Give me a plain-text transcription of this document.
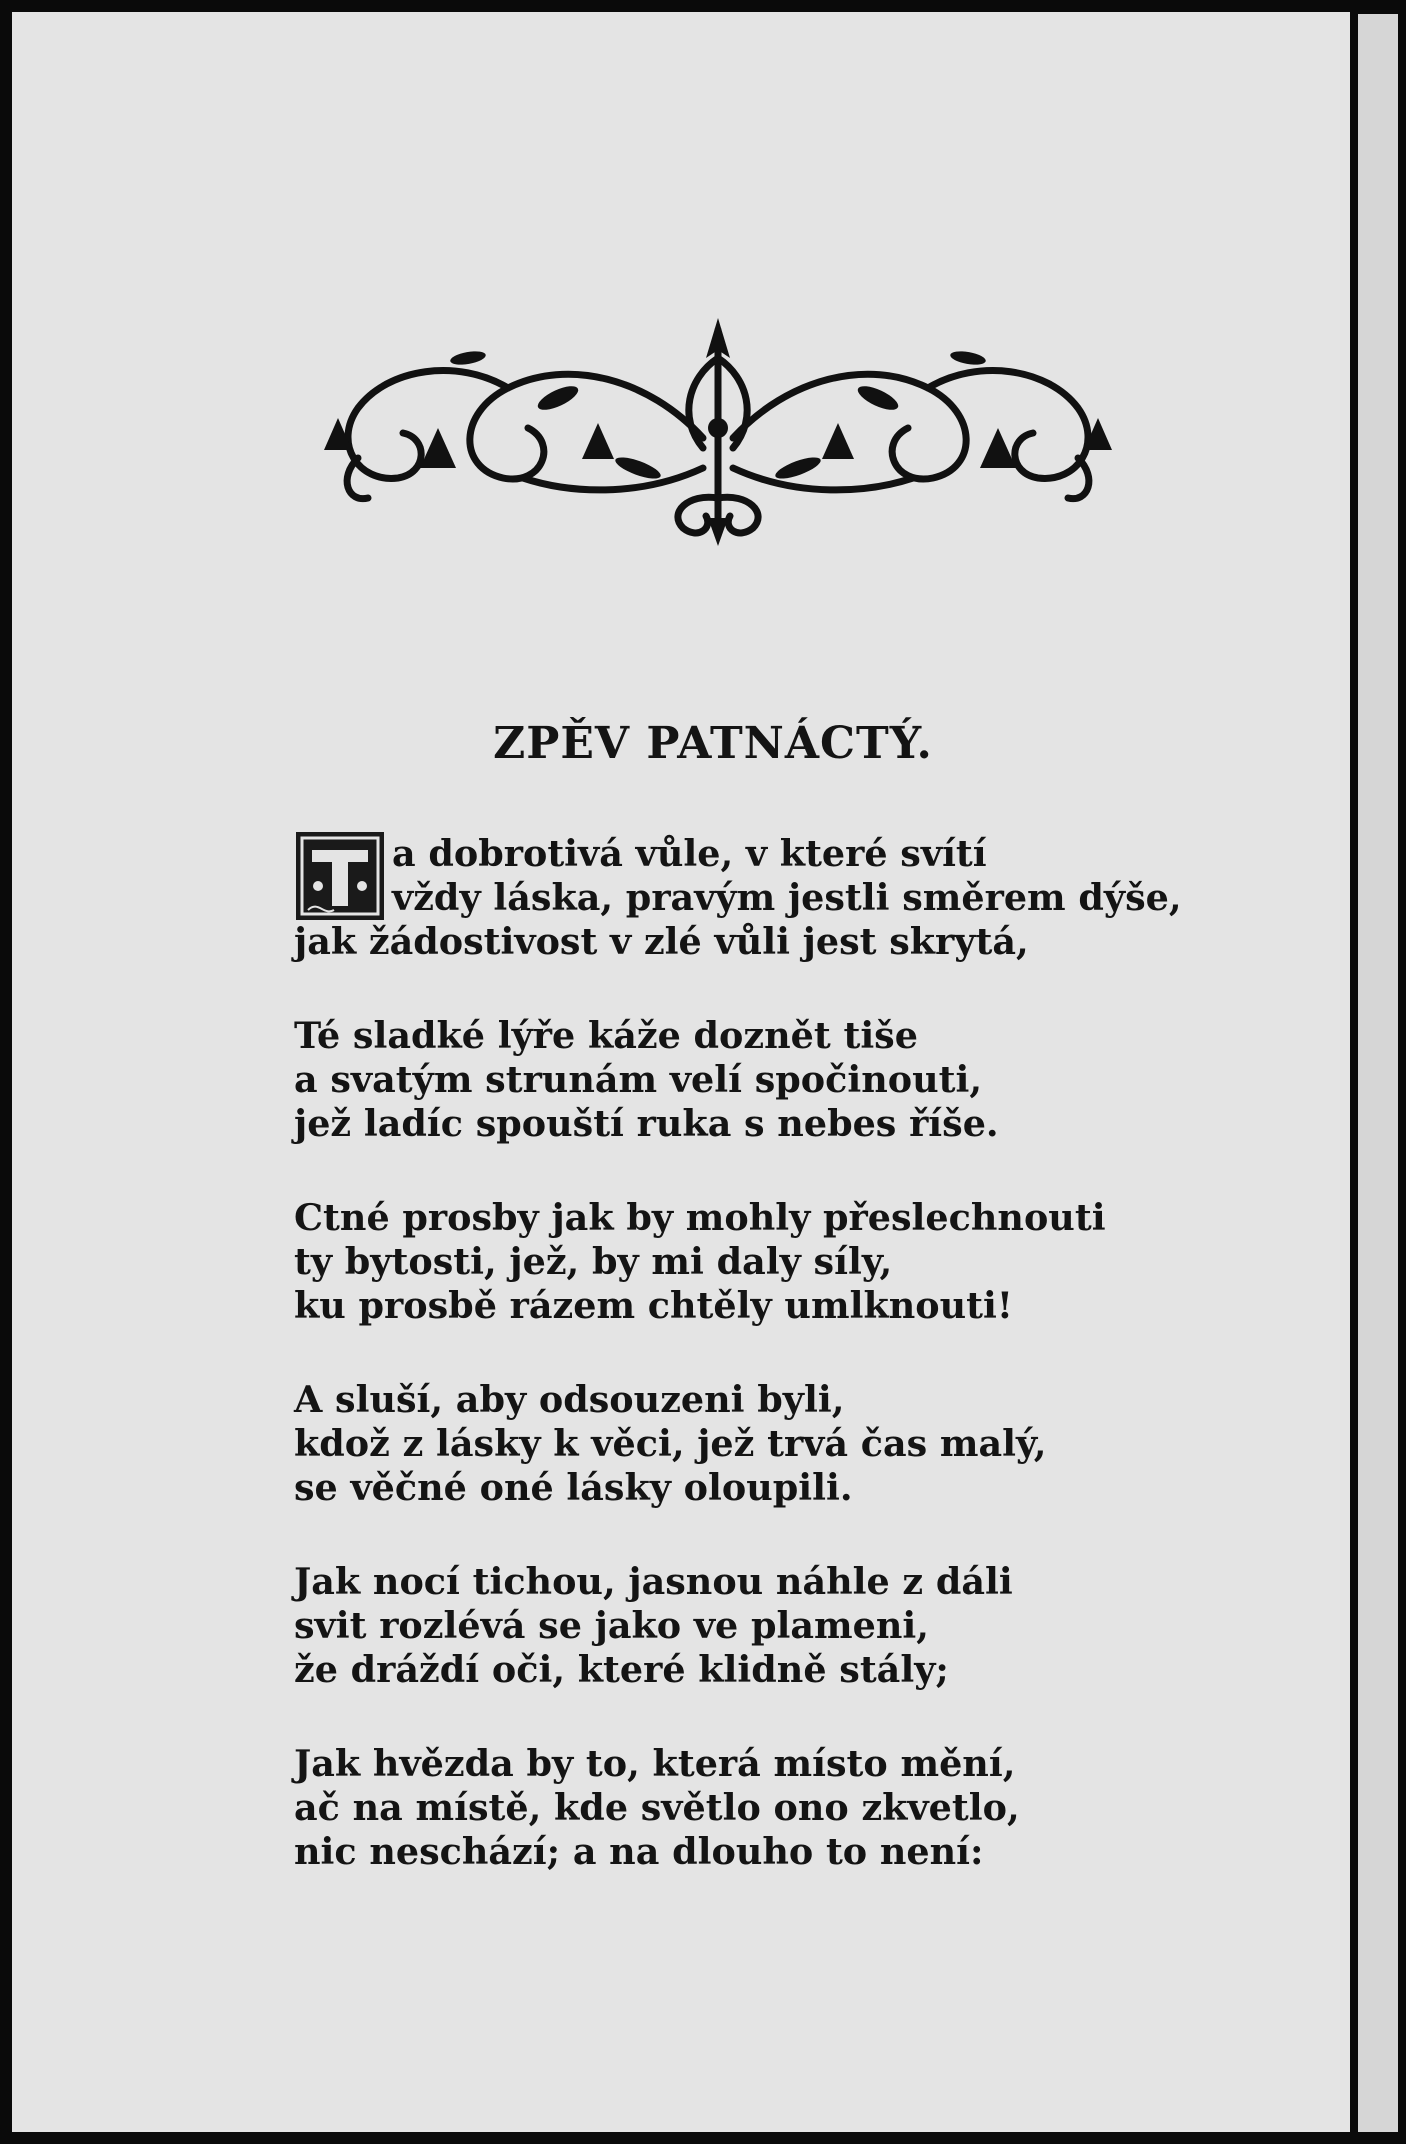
ZPĚV PATNÁCTÝ.
a dobrotivá vůle, v které svítí
vždy láska, pravým jestli směrem dýše,
jak žádostivost v zlé vůli jest skrytá,
Té sladké lýře káže doznět tiše
a svatým strunám velí spočinouti,
jež ladíc spouští ruka s nebes říše.
Ctné prosby jak by mohly přeslechnouti
ty bytosti, jež, by mi daly síly,
ku prosbě rázem chtěly umlknouti!
A sluší, aby odsouzeni byli,
kdož z lásky k věci, jež trvá čas malý,
se věčné oné lásky oloupili.
Jak nocí tichou, jasnou náhle z dáli
svit rozlévá se jako ve plameni,
že dráždí oči, které klidně stály;
Jak hvězda by to, která místo mění,
ač na místě, kde světlo ono zkvetlo,
nic neschází; a na dlouho to není:
